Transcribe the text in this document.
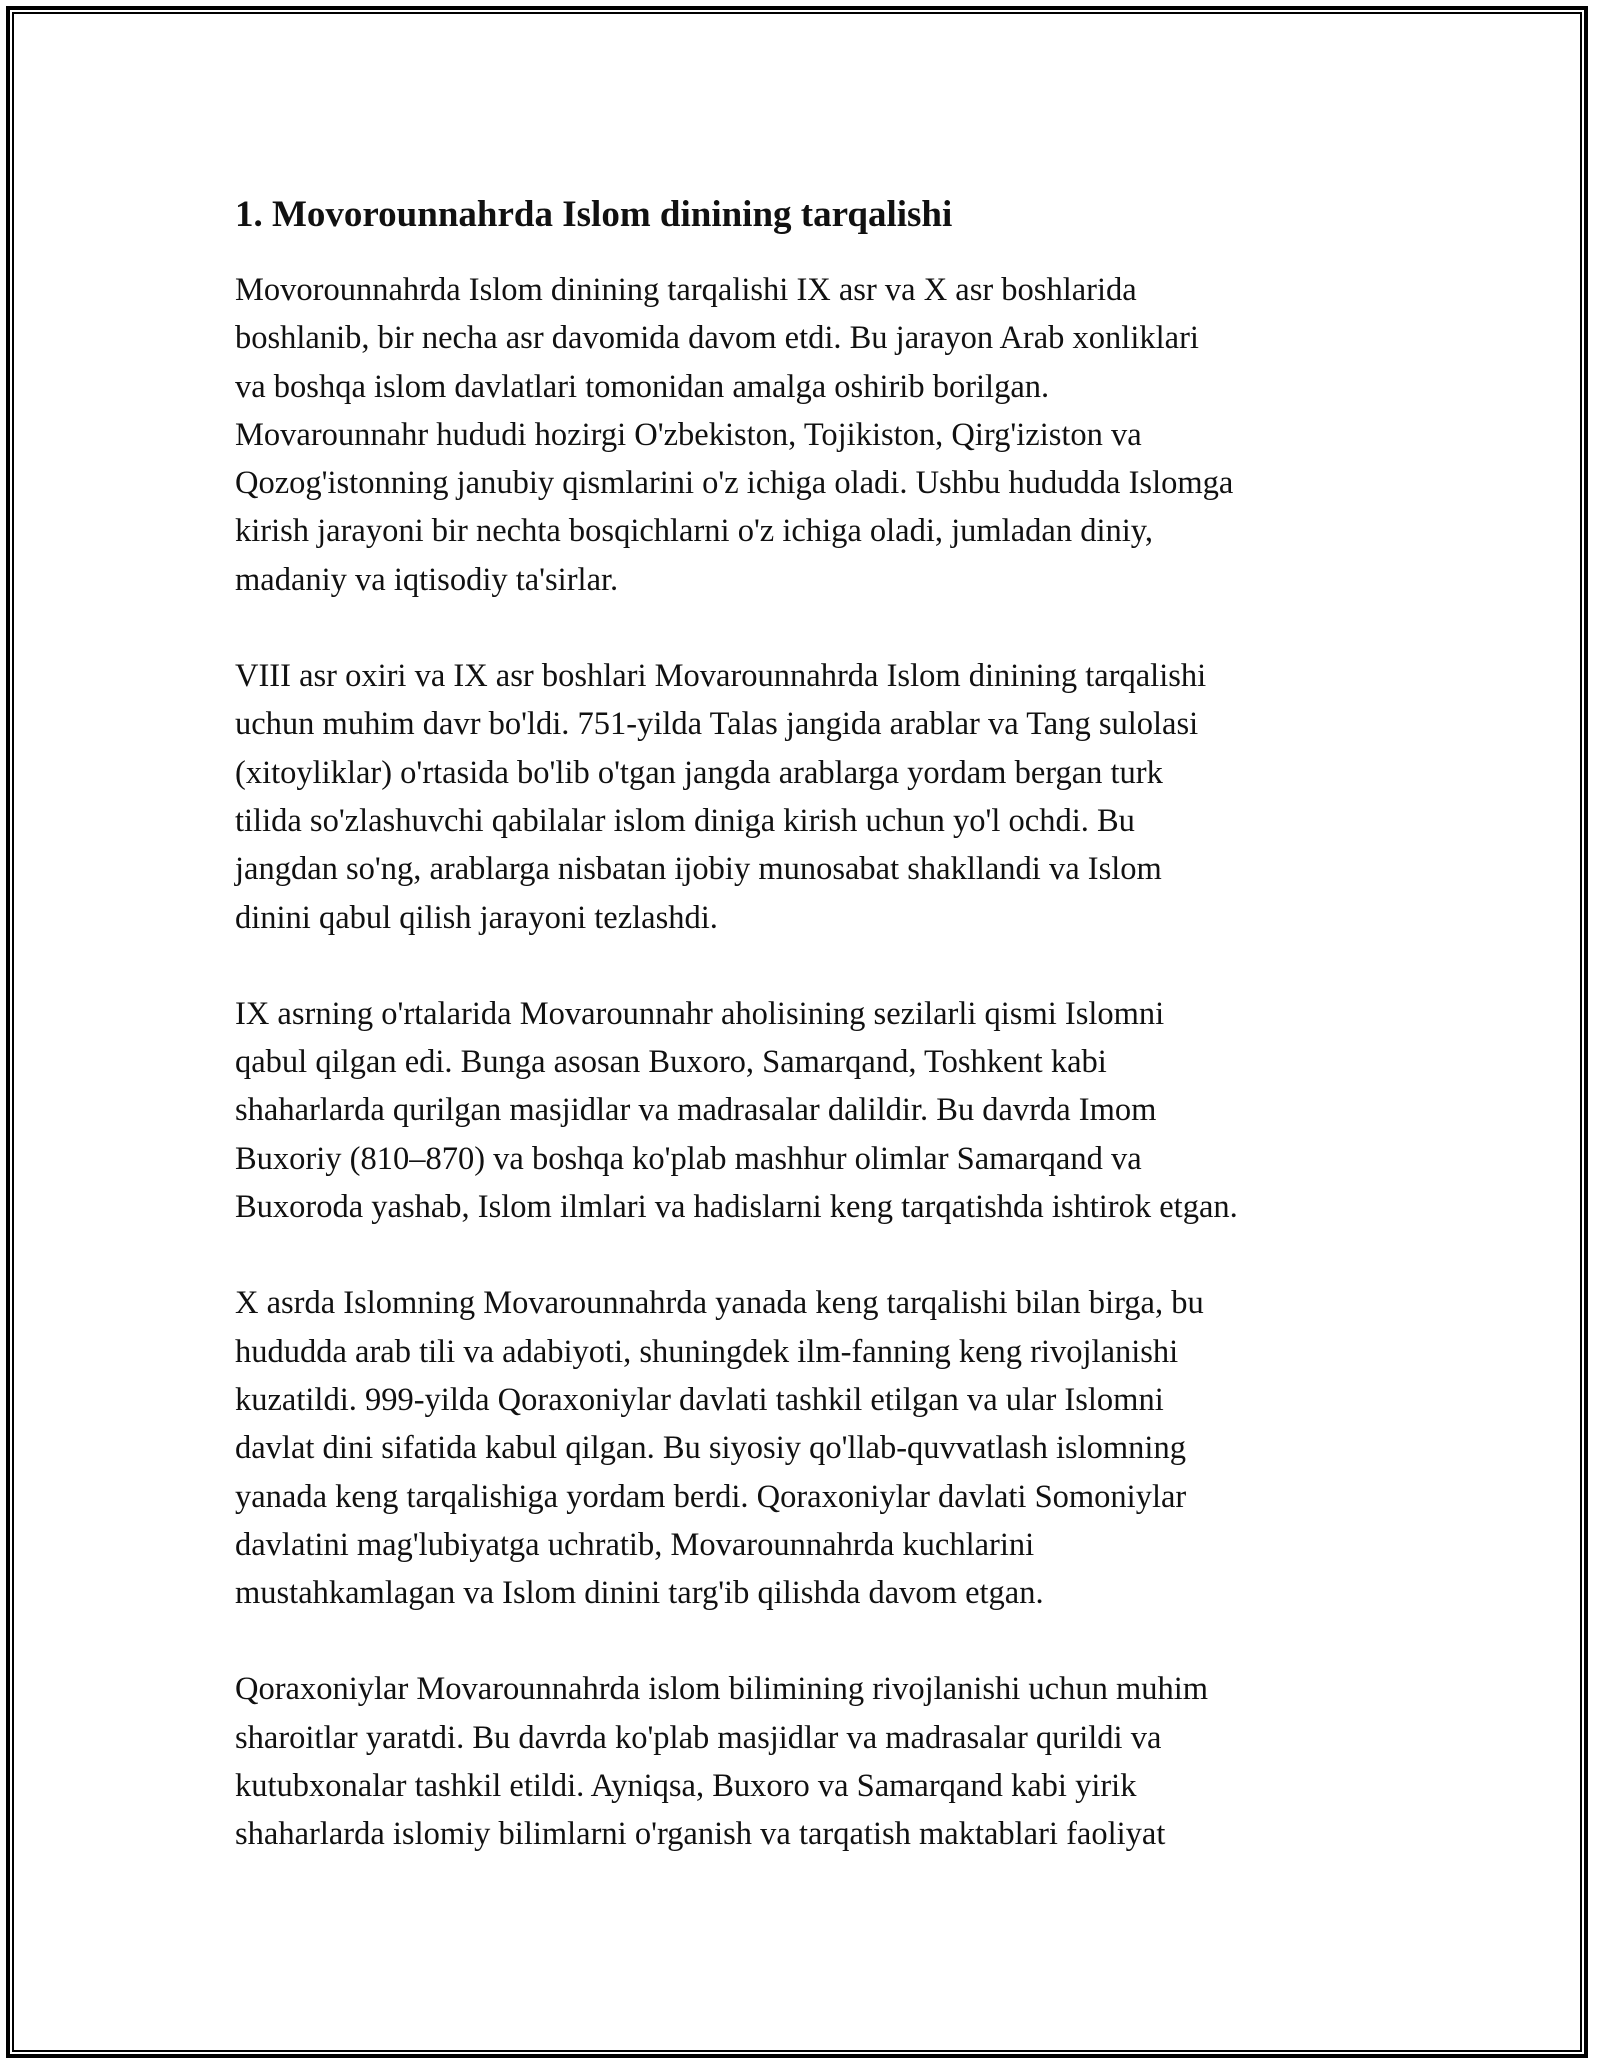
1. Movorounnahrda Islom dinining tarqalishi

Movorounnahrda Islom dinining tarqalishi IX asr va X asr boshlarida
boshlanib, bir necha asr davomida davom etdi. Bu jarayon Arab xonliklari
va boshqa islom davlatlari tomonidan amalga oshirib borilgan.
Movarounnahr hududi hozirgi O'zbekiston, Tojikiston, Qirg'iziston va
Qozog'istonning janubiy qismlarini o'z ichiga oladi. Ushbu hududda Islomga
kirish jarayoni bir nechta bosqichlarni o'z ichiga oladi, jumladan diniy,
madaniy va iqtisodiy ta'sirlar.

VIII asr oxiri va IX asr boshlari Movarounnahrda Islom dinining tarqalishi
uchun muhim davr bo'ldi. 751-yilda Talas jangida arablar va Tang sulolasi
(xitoyliklar) o'rtasida bo'lib o'tgan jangda arablarga yordam bergan turk
tilida so'zlashuvchi qabilalar islom diniga kirish uchun yo'l ochdi. Bu
jangdan so'ng, arablarga nisbatan ijobiy munosabat shakllandi va Islom
dinini qabul qilish jarayoni tezlashdi.

IX asrning o'rtalarida Movarounnahr aholisining sezilarli qismi Islomni
qabul qilgan edi. Bunga asosan Buxoro, Samarqand, Toshkent kabi
shaharlarda qurilgan masjidlar va madrasalar dalildir. Bu davrda Imom
Buxoriy (810–870) va boshqa ko'plab mashhur olimlar Samarqand va
Buxoroda yashab, Islom ilmlari va hadislarni keng tarqatishda ishtirok etgan.

X asrda Islomning Movarounnahrda yanada keng tarqalishi bilan birga, bu
hududda arab tili va adabiyoti, shuningdek ilm-fanning keng rivojlanishi
kuzatildi. 999-yilda Qoraxoniylar davlati tashkil etilgan va ular Islomni
davlat dini sifatida kabul qilgan. Bu siyosiy qo'llab-quvvatlash islomning
yanada keng tarqalishiga yordam berdi. Qoraxoniylar davlati Somoniylar
davlatini mag'lubiyatga uchratib, Movarounnahrda kuchlarini
mustahkamlagan va Islom dinini targ'ib qilishda davom etgan.

Qoraxoniylar Movarounnahrda islom bilimining rivojlanishi uchun muhim
sharoitlar yaratdi. Bu davrda ko'plab masjidlar va madrasalar qurildi va
kutubxonalar tashkil etildi. Ayniqsa, Buxoro va Samarqand kabi yirik
shaharlarda islomiy bilimlarni o'rganish va tarqatish maktablari faoliyat
